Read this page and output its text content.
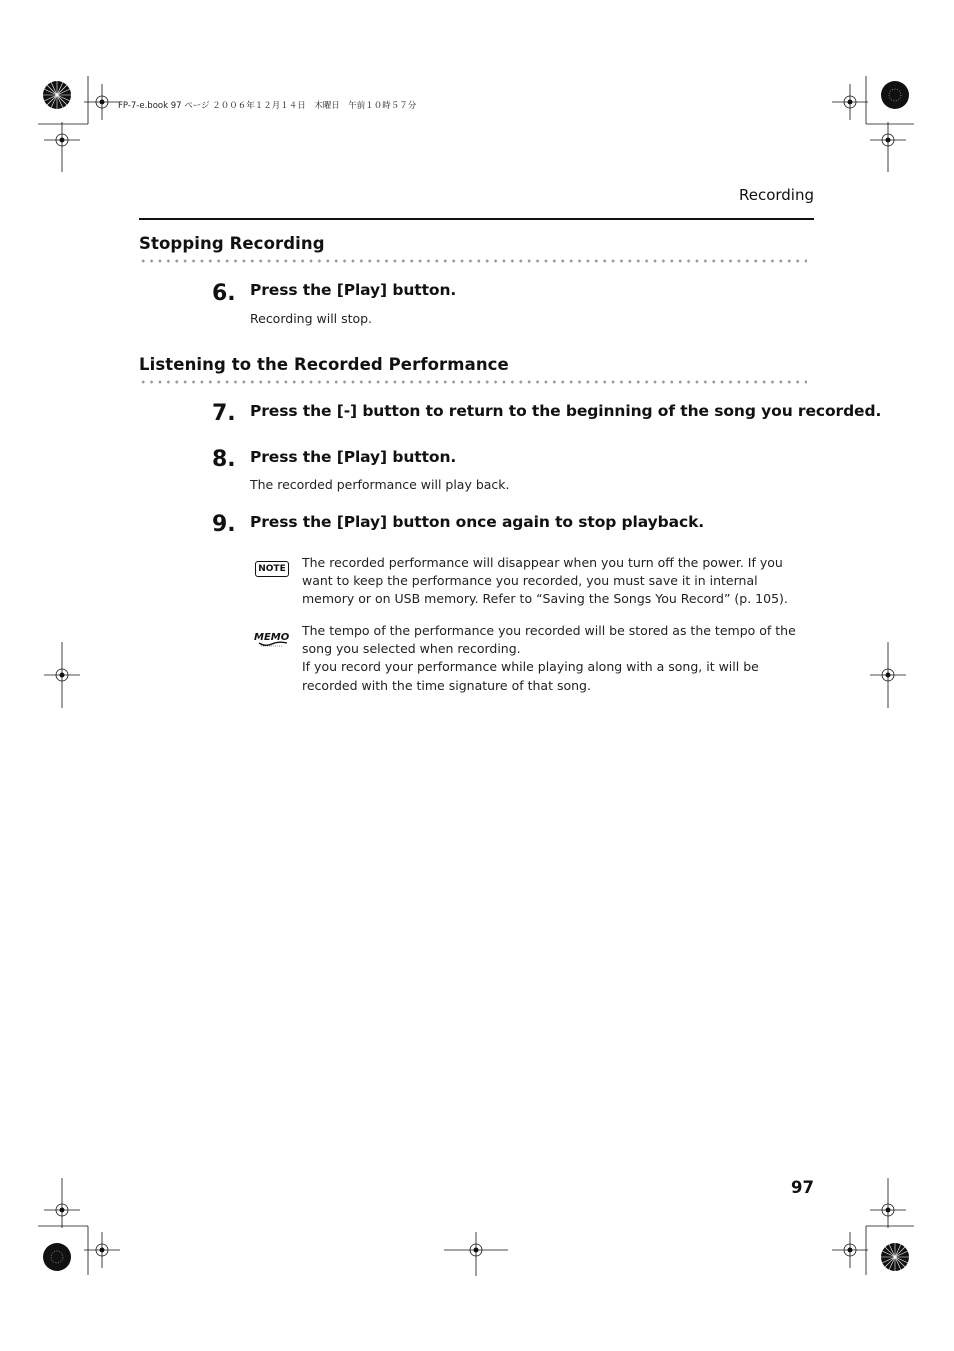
FP-7-e.book 97 ページ ２００６年１２月１４日　木曜日　午前１０時５７分
Recording
Stopping Recording
6. Press the [Play] button.
Recording will stop.
Listening to the Recorded Performance
7. Press the [-] button to return to the beginning of the song you recorded.
8. Press the [Play] button.
The recorded performance will play back.
9. Press the [Play] button once again to stop playback.
NOTE The recorded performance will disappear when you turn off the power. If you want to keep the performance you recorded, you must save it in internal memory or on USB memory. Refer to “Saving the Songs You Record” (p. 105).

MEMO The tempo of the performance you recorded will be stored as the tempo of the song you selected when recording.

If you record your performance while playing along with a song, it will be recorded with the time signature of that song.

97
